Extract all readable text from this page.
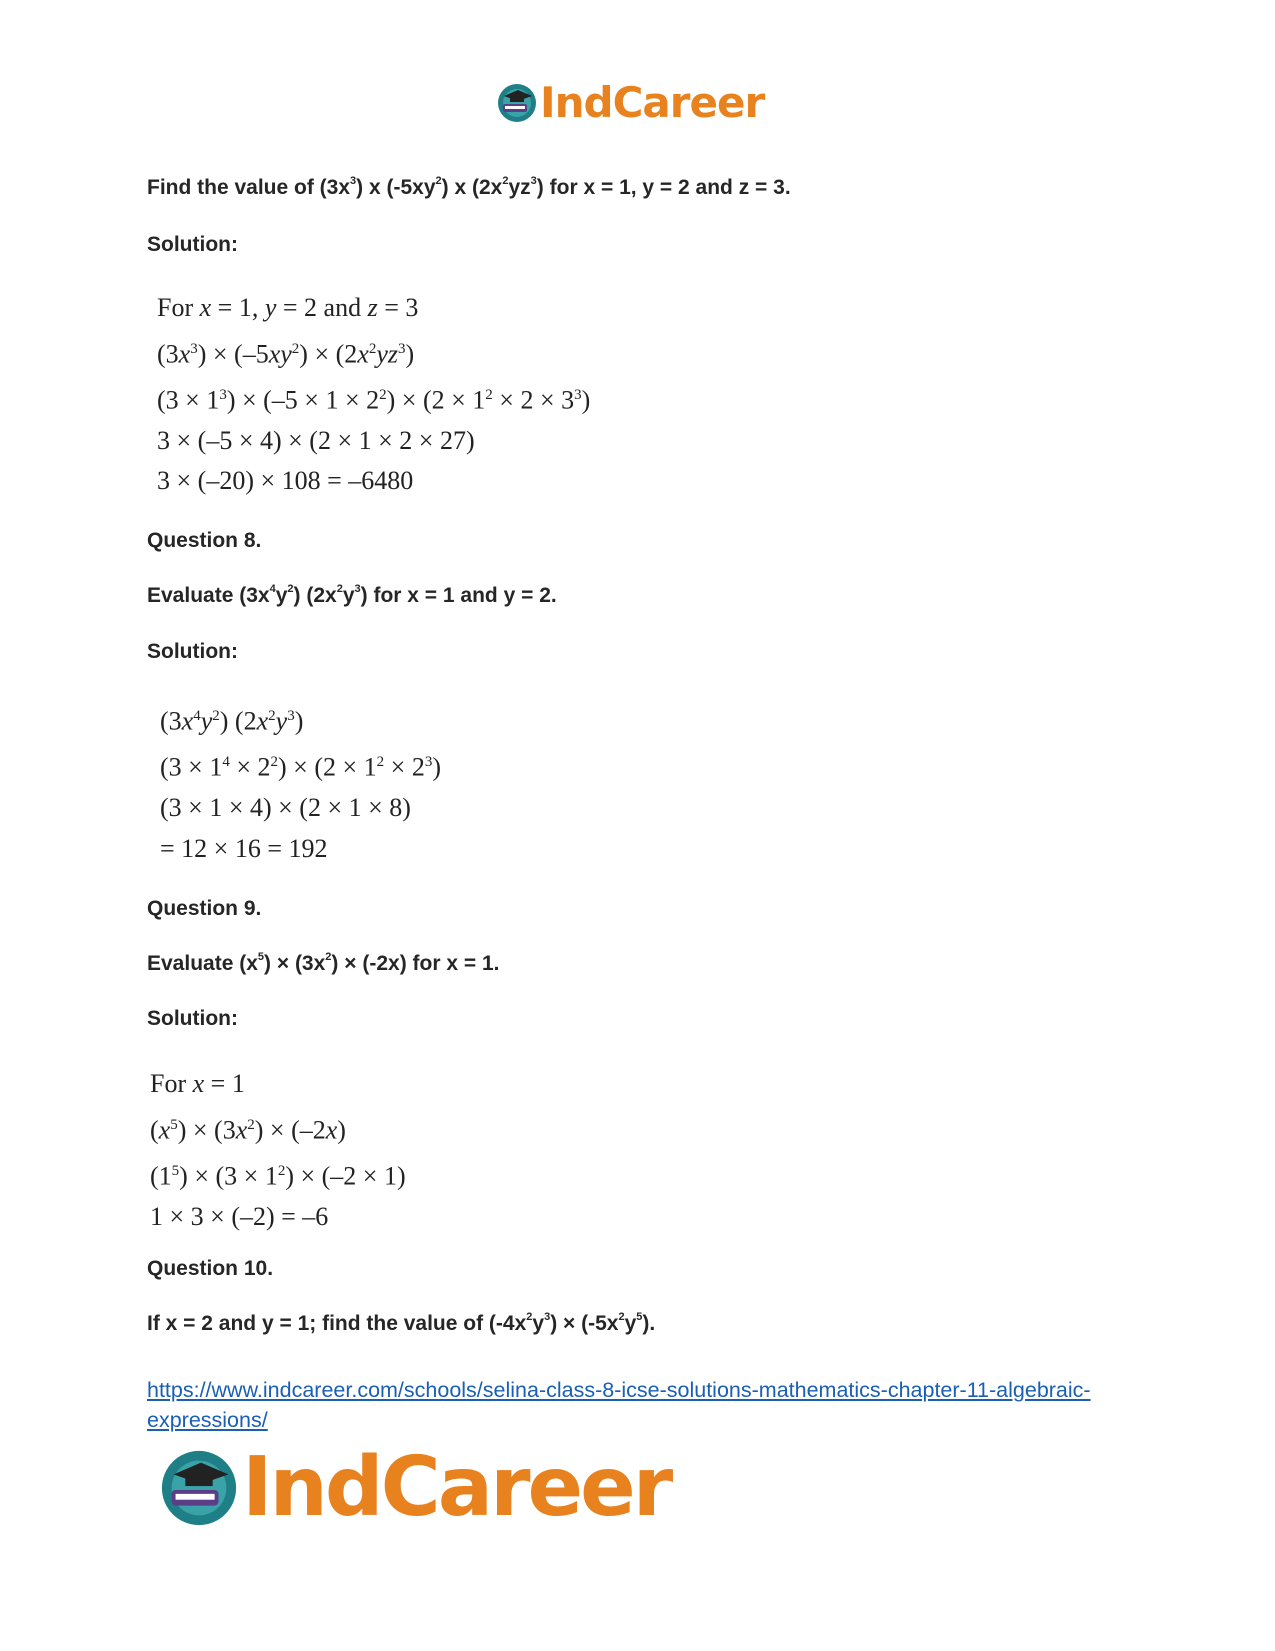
IndCareer
Find the value of $(3x^3)$ x $(-5xy^2)$ x $(2x^2yz^3)$ for x = 1, y = 2 and z = 3.
Solution:
For x = 1, y = 2 and z = 3
$(3x^3) \times (-5xy^2) \times (2x^2yz^3)$
$(3 \times 1^3) \times (-5 \times 1 \times 2^2) \times (2 \times 1^2 \times 2 \times 3^3)$
3 × (–5 × 4) × (2 × 1 × 2 × 27)
3 × (–20) × 108 = –6480
Question 8.
Evaluate $(3x^4y^2)$ $(2x^2y^3)$ for x = 1 and y = 2.
Solution:
$(3x^4y^2)$ $(2x^2y^3)$
$(3 \times 1^4 \times 2^2) \times (2 \times 1^2 \times 2^3)$
(3 × 1 × 4) × (2 × 1 × 8)
= 12 × 16 = 192
Question 9.
Evaluate $(x^5) \times (3x^2) \times (-2x)$ for x = 1.
Solution:
For x = 1
$(x^5) \times (3x^2) \times (-2x)$
$(1^5) \times (3 \times 1^2) \times (-2 \times 1)$
1 × 3 × (–2) = –6
Question 10.
If x = 2 and y = 1; find the value of $(-4x^2y^3) \times (-5x^2y^5)$.
https://www.indcareer.com/schools/selina-class-8-icse-solutions-mathematics-chapter-11-algebraic-expressions/
IndCareer
